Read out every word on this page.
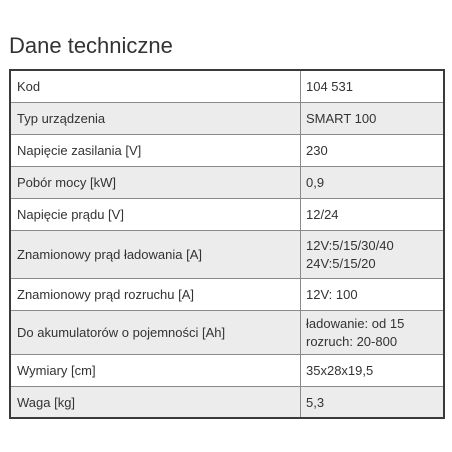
Dane techniczne
Kod	104 531
Typ urządzenia	SMART 100
Napięcie zasilania [V]	230
Pobór mocy [kW]	0,9
Napięcie prądu [V]	12/24
Znamionowy prąd ładowania [A]	12V:5/15/30/40
24V:5/15/20

Znamionowy prąd rozruchu [A]	12V: 100
Do akumulatorów o pojemności [Ah]	ładowanie: od 15
rozruch: 20-800

Wymiary [cm]	35x28x19,5
Waga [kg]	5,3
